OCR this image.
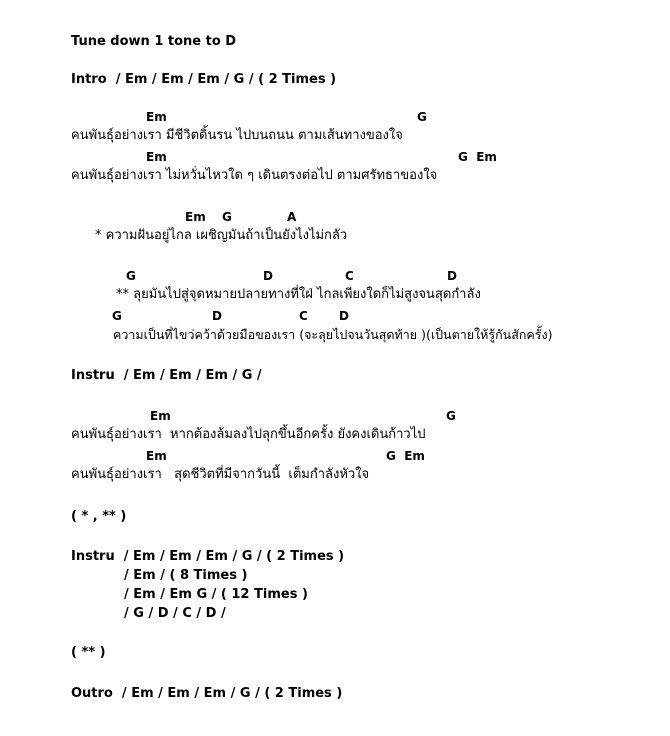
Tune down 1 tone to D
Intro  / Em / Em / Em / G / ( 2 Times )
Em	G
คนพันธุ์อย่างเรา มีชีวิตดิ้นรน ไปบนถนน ตามเส้นทางของใจ
Em	G  Em
คนพันธุ์อย่างเรา ไม่หวั่นไหวใด ๆ เดินตรงต่อไป ตามศรัทธาของใจ
Em G	A
* ความฝันอยู่ไกล เผชิญมันถ้าเป็นยังไงไม่กลัว
G	D	C	D
** ลุยมันไปสู่จุดหมายปลายทางที่ใฝ่ ไกลเพียงใดก็ไม่สูงจนสุดกำลัง
G	D	C	D
ความเป็นที่ไขว่คว้าด้วยมือของเรา (จะลุยไปจนวันสุดท้าย )(เป็นตายให้รู้กันสักครั้ง)
Instru  / Em / Em / Em / G /
Em	G
คนพันธุ์อย่างเรา  หากต้องล้มลงไปลุกขึ้นอีกครั้ง ยังคงเดินก้าวไป
Em	G  Em
คนพันธุ์อย่างเรา   สุดชีวิตที่มีจากวันนี้  เต็มกำลังหัวใจ
( * , ** )
Instru  / Em / Em / Em / G / ( 2 Times )
/ Em / ( 8 Times )
/ Em / Em G / ( 12 Times )
/ G / D / C / D /
( ** )
Outro  / Em / Em / Em / G / ( 2 Times )
